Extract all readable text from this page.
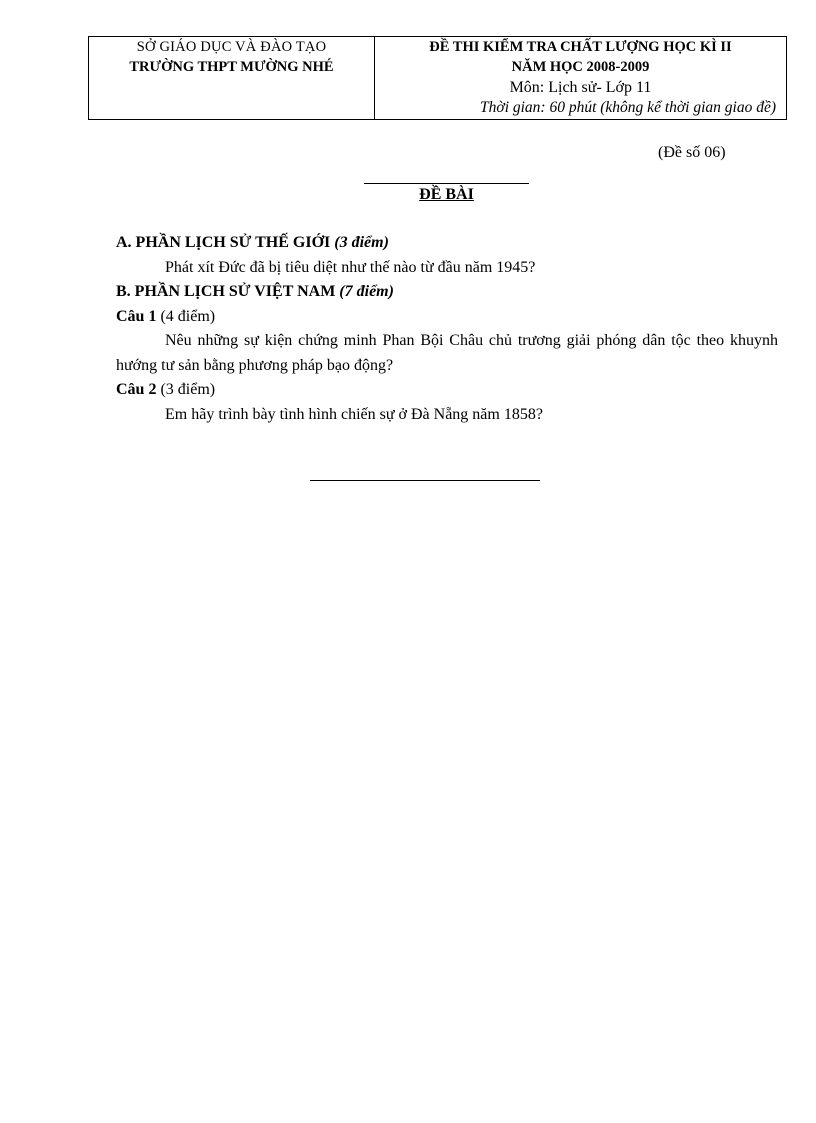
SỞ GIÁO DỤC VÀ ĐÀO TẠO
TRƯỜNG THPT MƯỜNG NHÉ
ĐỀ THI KIỂM TRA CHẤT LƯỢNG HỌC KÌ II
NĂM HỌC 2008-2009
Môn: Lịch sử- Lớp 11
Thời gian: 60 phút (không kể thời gian giao đề)
(Đề số 06)
ĐỀ BÀI

A. PHẦN LỊCH SỬ THẾ GIỚI (3 điểm)

Phát xít Đức đã bị tiêu diệt như thế nào từ đầu năm 1945?

B. PHẦN LỊCH SỬ VIỆT NAM (7 điểm)

Câu 1 (4 điểm)

Nêu những sự kiện chứng minh Phan Bội Châu chủ trương giải phóng dân tộc theo khuynh hướng tư sản bằng phương pháp bạo động?

Câu 2 (3 điểm)

Em hãy trình bày tình hình chiến sự ở Đà Nẵng năm 1858?
